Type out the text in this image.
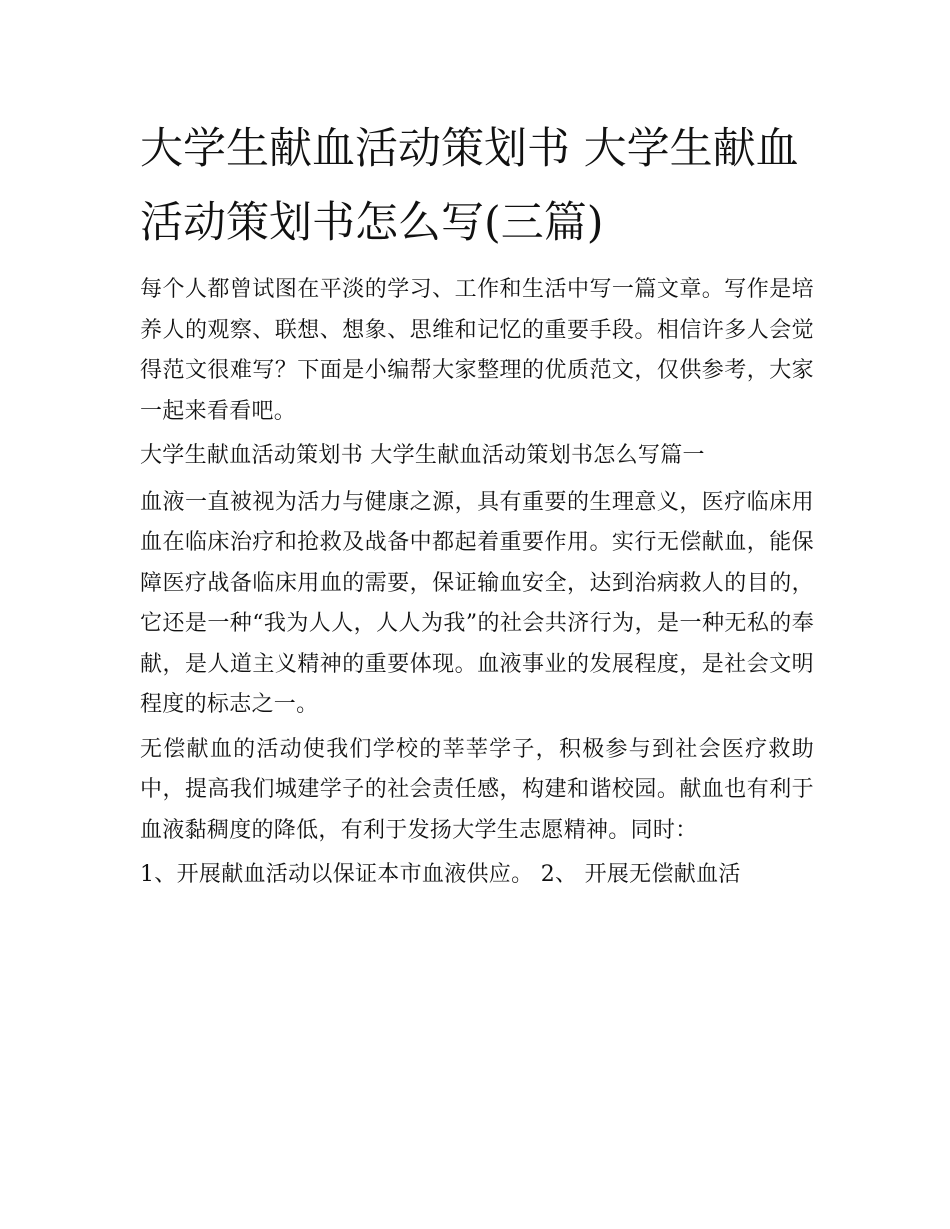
大学生献血活动策划书 大学生献血活动策划书怎么写(三篇)

每个人都曾试图在平淡的学习、工作和生活中写一篇文章。写作是培养人的观察、联想、想象、思维和记忆的重要手段。相信许多人会觉得范文很难写？下面是小编帮大家整理的优质范文，仅供参考，大家一起来看看吧。

大学生献血活动策划书 大学生献血活动策划书怎么写篇一

血液一直被视为活力与健康之源，具有重要的生理意义，医疗临床用血在临床治疗和抢救及战备中都起着重要作用。实行无偿献血，能保障医疗战备临床用血的需要，保证输血安全，达到治病救人的目的，它还是一种“我为人人，人人为我”的社会共济行为，是一种无私的奉献，是人道主义精神的重要体现。血液事业的发展程度，是社会文明程度的标志之一。

无偿献血的活动使我们学校的莘莘学子，积极参与到社会医疗救助中，提高我们城建学子的社会责任感，构建和谐校园。献血也有利于血液黏稠度的降低，有利于发扬大学生志愿精神。同时：

1、开展献血活动以保证本市血液供应。 2、 开展无偿献血活
